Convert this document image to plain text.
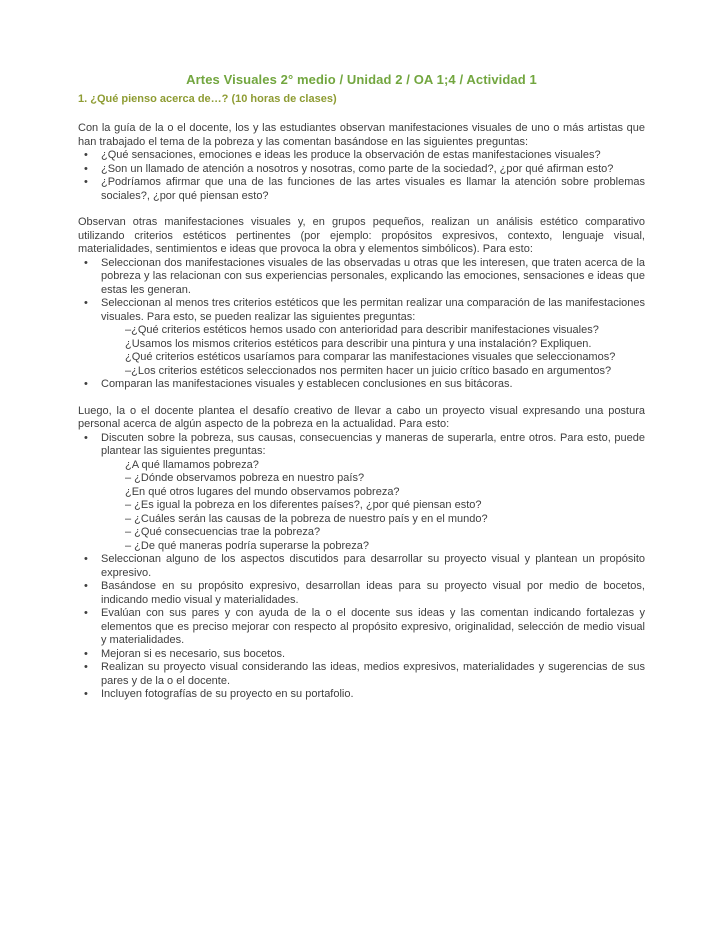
Artes Visuales 2° medio / Unidad 2 / OA 1;4 / Actividad 1
1. ¿Qué pienso acerca de…? (10 horas de clases)

Con la guía de la o el docente, los y las estudiantes observan manifestaciones visuales de uno o más artistas que han trabajado el tema de la pobreza y las comentan basándose en las siguientes preguntas:

• ¿Qué sensaciones, emociones e ideas les produce la observación de estas manifestaciones visuales?
• ¿Son un llamado de atención a nosotros y nosotras, como parte de la sociedad?, ¿por qué afirman esto?
• ¿Podríamos afirmar que una de las funciones de las artes visuales es llamar la atención sobre problemas sociales?, ¿por qué piensan esto?

Observan otras manifestaciones visuales y, en grupos pequeños, realizan un análisis estético comparativo utilizando criterios estéticos pertinentes (por ejemplo: propósitos expresivos, contexto, lenguaje visual, materialidades, sentimientos e ideas que provoca la obra y elementos simbólicos). Para esto:

• Seleccionan dos manifestaciones visuales de las observadas u otras que les interesen, que traten acerca de la pobreza y las relacionan con sus experiencias personales, explicando las emociones, sensaciones e ideas que estas les generan.
• Seleccionan al menos tres criterios estéticos que les permitan realizar una comparación de las manifestaciones visuales. Para esto, se pueden realizar las siguientes preguntas:
–¿Qué criterios estéticos hemos usado con anterioridad para describir manifestaciones visuales?
¿Usamos los mismos criterios estéticos para describir una pintura y una instalación? Expliquen.
¿Qué criterios estéticos usaríamos para comparar las manifestaciones visuales que seleccionamos?
–¿Los criterios estéticos seleccionados nos permiten hacer un juicio crítico basado en argumentos?
• Comparan las manifestaciones visuales y establecen conclusiones en sus bitácoras.

Luego, la o el docente plantea el desafío creativo de llevar a cabo un proyecto visual expresando una postura personal acerca de algún aspecto de la pobreza en la actualidad. Para esto:

• Discuten sobre la pobreza, sus causas, consecuencias y maneras de superarla, entre otros. Para esto, puede plantear las siguientes preguntas:
¿A qué llamamos pobreza?
– ¿Dónde observamos pobreza en nuestro país?
¿En qué otros lugares del mundo observamos pobreza?
– ¿Es igual la pobreza en los diferentes países?, ¿por qué piensan esto?
– ¿Cuáles serán las causas de la pobreza de nuestro país y en el mundo?
– ¿Qué consecuencias trae la pobreza?
– ¿De qué maneras podría superarse la pobreza?
• Seleccionan alguno de los aspectos discutidos para desarrollar su proyecto visual y plantean un propósito expresivo.
• Basándose en su propósito expresivo, desarrollan ideas para su proyecto visual por medio de bocetos, indicando medio visual y materialidades.
• Evalúan con sus pares y con ayuda de la o el docente sus ideas y las comentan indicando fortalezas y elementos que es preciso mejorar con respecto al propósito expresivo, originalidad, selección de medio visual y materialidades.
• Mejoran si es necesario, sus bocetos.
• Realizan su proyecto visual considerando las ideas, medios expresivos, materialidades y sugerencias de sus pares y de la o el docente.
• Incluyen fotografías de su proyecto en su portafolio.
